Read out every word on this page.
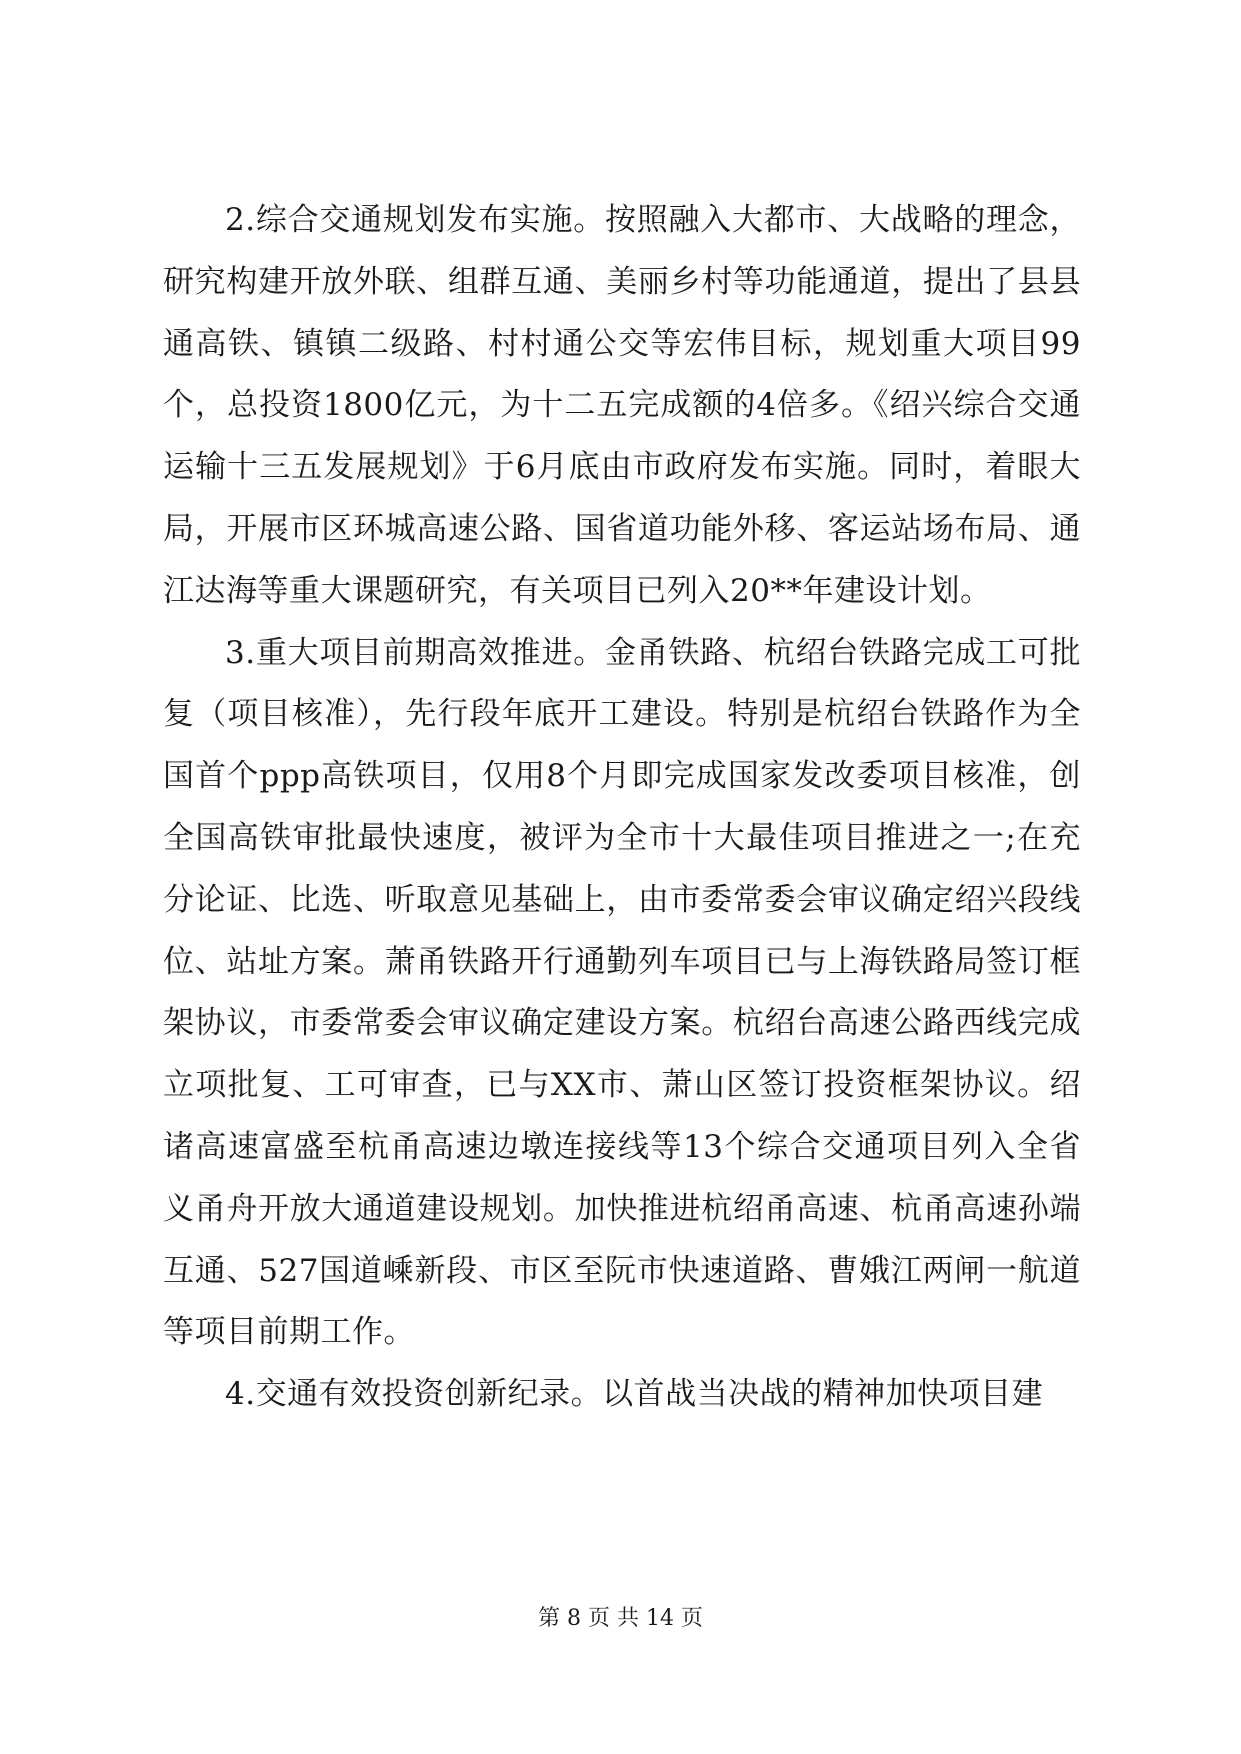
2.综合交通规划发布实施。按照融入大都市、大战略的理念，研究构建开放外联、组群互通、美丽乡村等功能通道，提出了县县通高铁、镇镇二级路、村村通公交等宏伟目标，规划重大项目99个，总投资1800亿元，为十二五完成额的4倍多。《绍兴综合交通运输十三五发展规划》于6月底由市政府发布实施。同时，着眼大局，开展市区环城高速公路、国省道功能外移、客运站场布局、通江达海等重大课题研究，有关项目已列入20**年建设计划。

3.重大项目前期高效推进。金甬铁路、杭绍台铁路完成工可批复（项目核准），先行段年底开工建设。特别是杭绍台铁路作为全国首个ppp高铁项目，仅用8个月即完成国家发改委项目核准，创全国高铁审批最快速度，被评为全市十大最佳项目推进之一;在充分论证、比选、听取意见基础上，由市委常委会审议确定绍兴段线位、站址方案。萧甬铁路开行通勤列车项目已与上海铁路局签订框架协议，市委常委会审议确定建设方案。杭绍台高速公路西线完成立项批复、工可审查，已与XX市、萧山区签订投资框架协议。绍诸高速富盛至杭甬高速边墩连接线等13个综合交通项目列入全省义甬舟开放大通道建设规划。加快推进杭绍甬高速、杭甬高速孙端互通、527国道嵊新段、市区至阮市快速道路、曹娥江两闸一航道等项目前期工作。

4.交通有效投资创新纪录。以首战当决战的精神加快项目建

第 8 页 共 14 页
